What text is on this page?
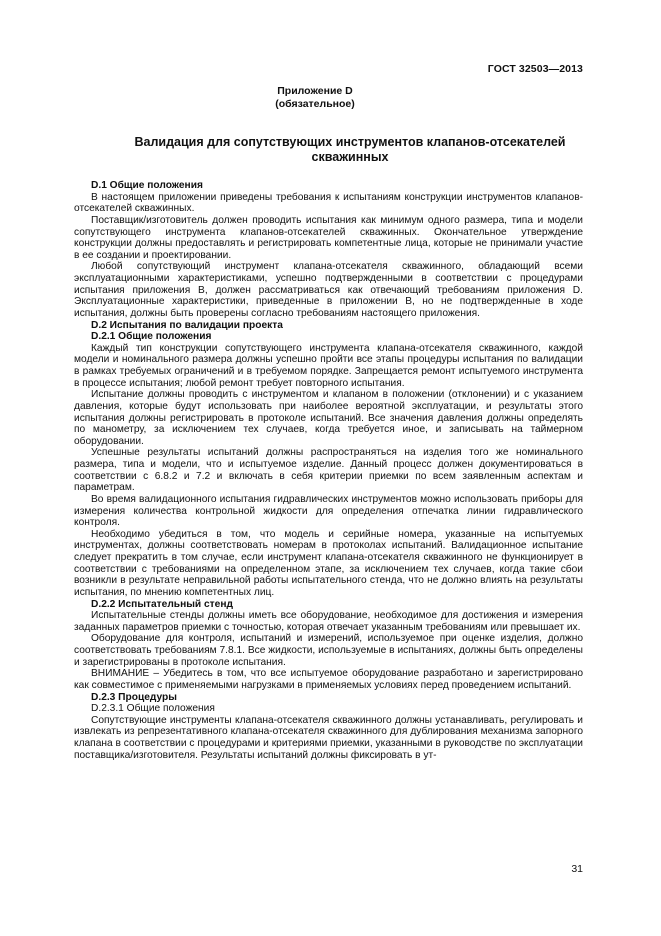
ГОСТ 32503—2013
Приложение D
(обязательное)
Валидация для сопутствующих инструментов клапанов-отсекателей
скважинных

D.1 Общие положения

В настоящем приложении приведены требования к испытаниям конструкции инструментов клапанов-отсекателей скважинных.

Поставщик/изготовитель должен проводить испытания как минимум одного размера, типа и модели сопутствующего инструмента клапанов-отсекателей скважинных. Окончательное утверждение конструкции должны предоставлять и регистрировать компетентные лица, которые не принимали участие в ее создании и проектировании.

Любой сопутствующий инструмент клапана-отсекателя скважинного, обладающий всеми эксплуатационными характеристиками, успешно подтвержденными в соответствии с процедурами испытания приложения B, должен рассматриваться как отвечающий требованиям приложения D. Эксплуатационные характеристики, приведенные в приложении B, но не подтвержденные в ходе испытания, должны быть проверены согласно требованиям настоящего приложения.

D.2 Испытания по валидации проекта

D.2.1 Общие положения

Каждый тип конструкции сопутствующего инструмента клапана-отсекателя скважинного, каждой модели и номинального размера должны успешно пройти все этапы процедуры испытания по валидации в рамках требуемых ограничений и в требуемом порядке. Запрещается ремонт испытуемого инструмента в процессе испытания; любой ремонт требует повторного испытания.

Испытание должны проводить с инструментом и клапаном в положении (отклонении) и с указанием давления, которые будут использовать при наиболее вероятной эксплуатации, и результаты этого испытания должны регистрировать в протоколе испытаний. Все значения давления должны определять по манометру, за исключением тех случаев, когда требуется иное, и записывать на таймерном оборудовании.

Успешные результаты испытаний должны распространяться на изделия того же номинального размера, типа и модели, что и испытуемое изделие. Данный процесс должен документироваться в соответствии с 6.8.2 и 7.2 и включать в себя критерии приемки по всем заявленным аспектам и параметрам.

Во время валидационного испытания гидравлических инструментов можно использовать приборы для измерения количества контрольной жидкости для определения отпечатка линии гидравлического контроля.

Необходимо убедиться в том, что модель и серийные номера, указанные на испытуемых инструментах, должны соответствовать номерам в протоколах испытаний. Валидационное испытание следует прекратить в том случае, если инструмент клапана-отсекателя скважинного не функционирует в соответствии с требованиями на определенном этапе, за исключением тех случаев, когда такие сбои возникли в результате неправильной работы испытательного стенда, что не должно влиять на результаты испытания, по мнению компетентных лиц.

D.2.2 Испытательный стенд

Испытательные стенды должны иметь все оборудование, необходимое для достижения и измерения заданных параметров приемки с точностью, которая отвечает указанным требованиям или превышает их.

Оборудование для контроля, испытаний и измерений, используемое при оценке изделия, должно соответствовать требованиям 7.8.1. Все жидкости, используемые в испытаниях, должны быть определены и зарегистрированы в протоколе испытания.

ВНИМАНИЕ – Убедитесь в том, что все испытуемое оборудование разработано и зарегистрировано как совместимое с применяемыми нагрузками в применяемых условиях перед проведением испытаний.

D.2.3 Процедуры

D.2.3.1 Общие положения

Сопутствующие инструменты клапана-отсекателя скважинного должны устанавливать, регулировать и извлекать из репрезентативного клапана-отсекателя скважинного для дублирования механизма запорного клапана в соответствии с процедурами и критериями приемки, указанными в руководстве по эксплуатации поставщика/изготовителя. Результаты испытаний должны фиксировать в ут-

31
